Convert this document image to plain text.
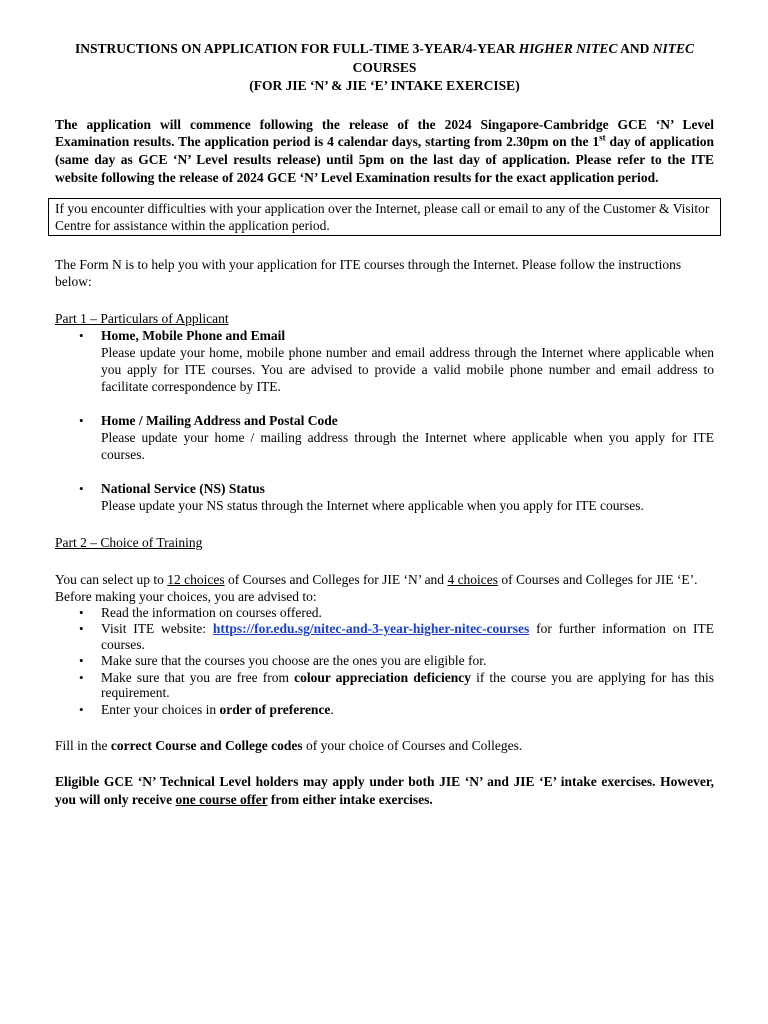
INSTRUCTIONS ON APPLICATION FOR FULL-TIME 3-YEAR/4-YEAR HIGHER NITEC AND NITEC
COURSES
(FOR JIE ‘N’ & JIE ‘E’ INTAKE EXERCISE)

The application will commence following the release of the 2024 Singapore-Cambridge GCE ‘N’ Level Examination results. The application period is 4 calendar days, starting from 2.30pm on the 1st day of application (same day as GCE ‘N’ Level results release) until 5pm on the last day of application. Please refer to the ITE website following the release of 2024 GCE ‘N’ Level Examination results for the exact application period.

If you encounter difficulties with your application over the Internet, please call or email to any of the Customer & Visitor Centre for assistance within the application period.

The Form N is to help you with your application for ITE courses through the Internet. Please follow the instructions below:

Part 1 – Particulars of Applicant

• Home, Mobile Phone and Email
Please update your home, mobile phone number and email address through the Internet where applicable when you apply for ITE courses. You are advised to provide a valid mobile phone number and email address to facilitate correspondence by ITE.
• Home / Mailing Address and Postal Code
Please update your home / mailing address through the Internet where applicable when you apply for ITE courses.
• National Service (NS) Status
Please update your NS status through the Internet where applicable when you apply for ITE courses.

Part 2 – Choice of Training

You can select up to 12 choices of Courses and Colleges for JIE ‘N’ and 4 choices of Courses and Colleges for JIE ‘E’. Before making your choices, you are advised to:

• Read the information on courses offered.
• Visit ITE website: https://for.edu.sg/nitec-and-3-year-higher-nitec-courses for further information on ITE courses.
• Make sure that the courses you choose are the ones you are eligible for.
• Make sure that you are free from colour appreciation deficiency if the course you are applying for has this requirement.
• Enter your choices in order of preference.

Fill in the correct Course and College codes of your choice of Courses and Colleges.

Eligible GCE ‘N’ Technical Level holders may apply under both JIE ‘N’ and JIE ‘E’ intake exercises. However, you will only receive one course offer from either intake exercises.
